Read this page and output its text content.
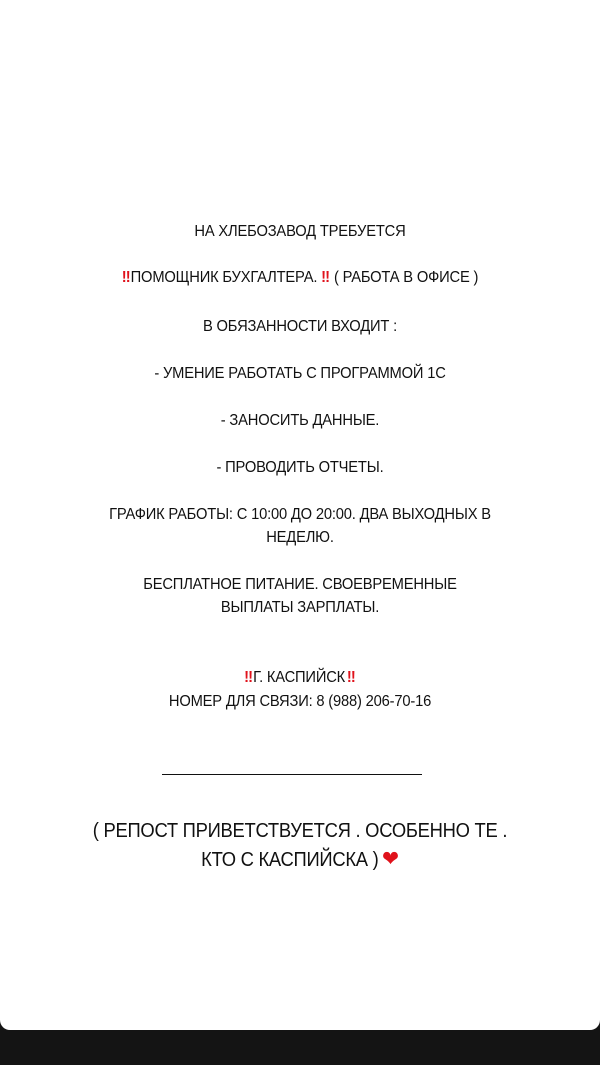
НА ХЛЕБОЗАВОД ТРЕБУЕТСЯ
‼ ПОМОЩНИК БУХГАЛТЕРА. ‼ ( РАБОТА В ОФИСЕ )
В ОБЯЗАННОСТИ ВХОДИТ :
- УМЕНИЕ РАБОТАТЬ С ПРОГРАММОЙ 1С
- ЗАНОСИТЬ ДАННЫЕ.
- ПРОВОДИТЬ ОТЧЕТЫ.
ГРАФИК РАБОТЫ: С 10:00 ДО 20:00. ДВА ВЫХОДНЫХ В
НЕДЕЛЮ.
БЕСПЛАТНОЕ ПИТАНИЕ. СВОЕВРЕМЕННЫЕ
ВЫПЛАТЫ ЗАРПЛАТЫ.
‼ Г. КАСПИЙСК ‼
НОМЕР ДЛЯ СВЯЗИ: 8 (988) 206-70-16
( РЕПОСТ ПРИВЕТСТВУЕТСЯ . ОСОБЕННО ТЕ .
КТО С КАСПИЙСКА ) ❤
